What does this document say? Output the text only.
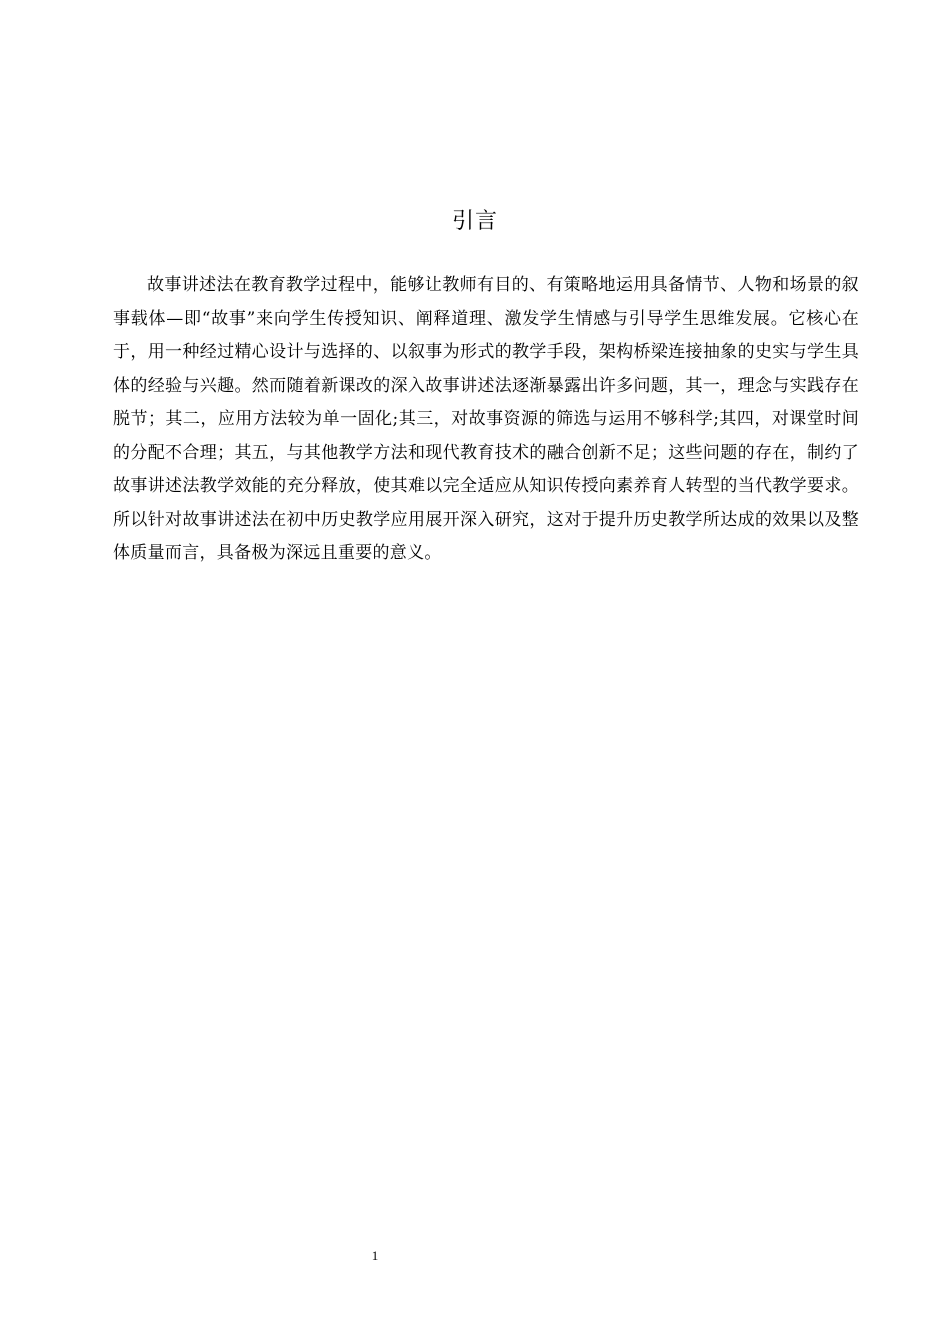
引言

故事讲述法在教育教学过程中，能够让教师有目的、有策略地运用具备情节、人物和场景的叙事载体—即“故事”来向学生传授知识、阐释道理、激发学生情感与引导学生思维发展。它核心在于，用一种经过精心设计与选择的、以叙事为形式的教学手段，架构桥梁连接抽象的史实与学生具体的经验与兴趣。然而随着新课改的深入故事讲述法逐渐暴露出许多问题，其一，理念与实践存在脱节；其二，应用方法较为单一固化;其三，对故事资源的筛选与运用不够科学;其四，对课堂时间的分配不合理；其五，与其他教学方法和现代教育技术的融合创新不足；这些问题的存在，制约了故事讲述法教学效能的充分释放，使其难以完全适应从知识传授向素养育人转型的当代教学要求。所以针对故事讲述法在初中历史教学应用展开深入研究，这对于提升历史教学所达成的效果以及整体质量而言，具备极为深远且重要的意义。

1
